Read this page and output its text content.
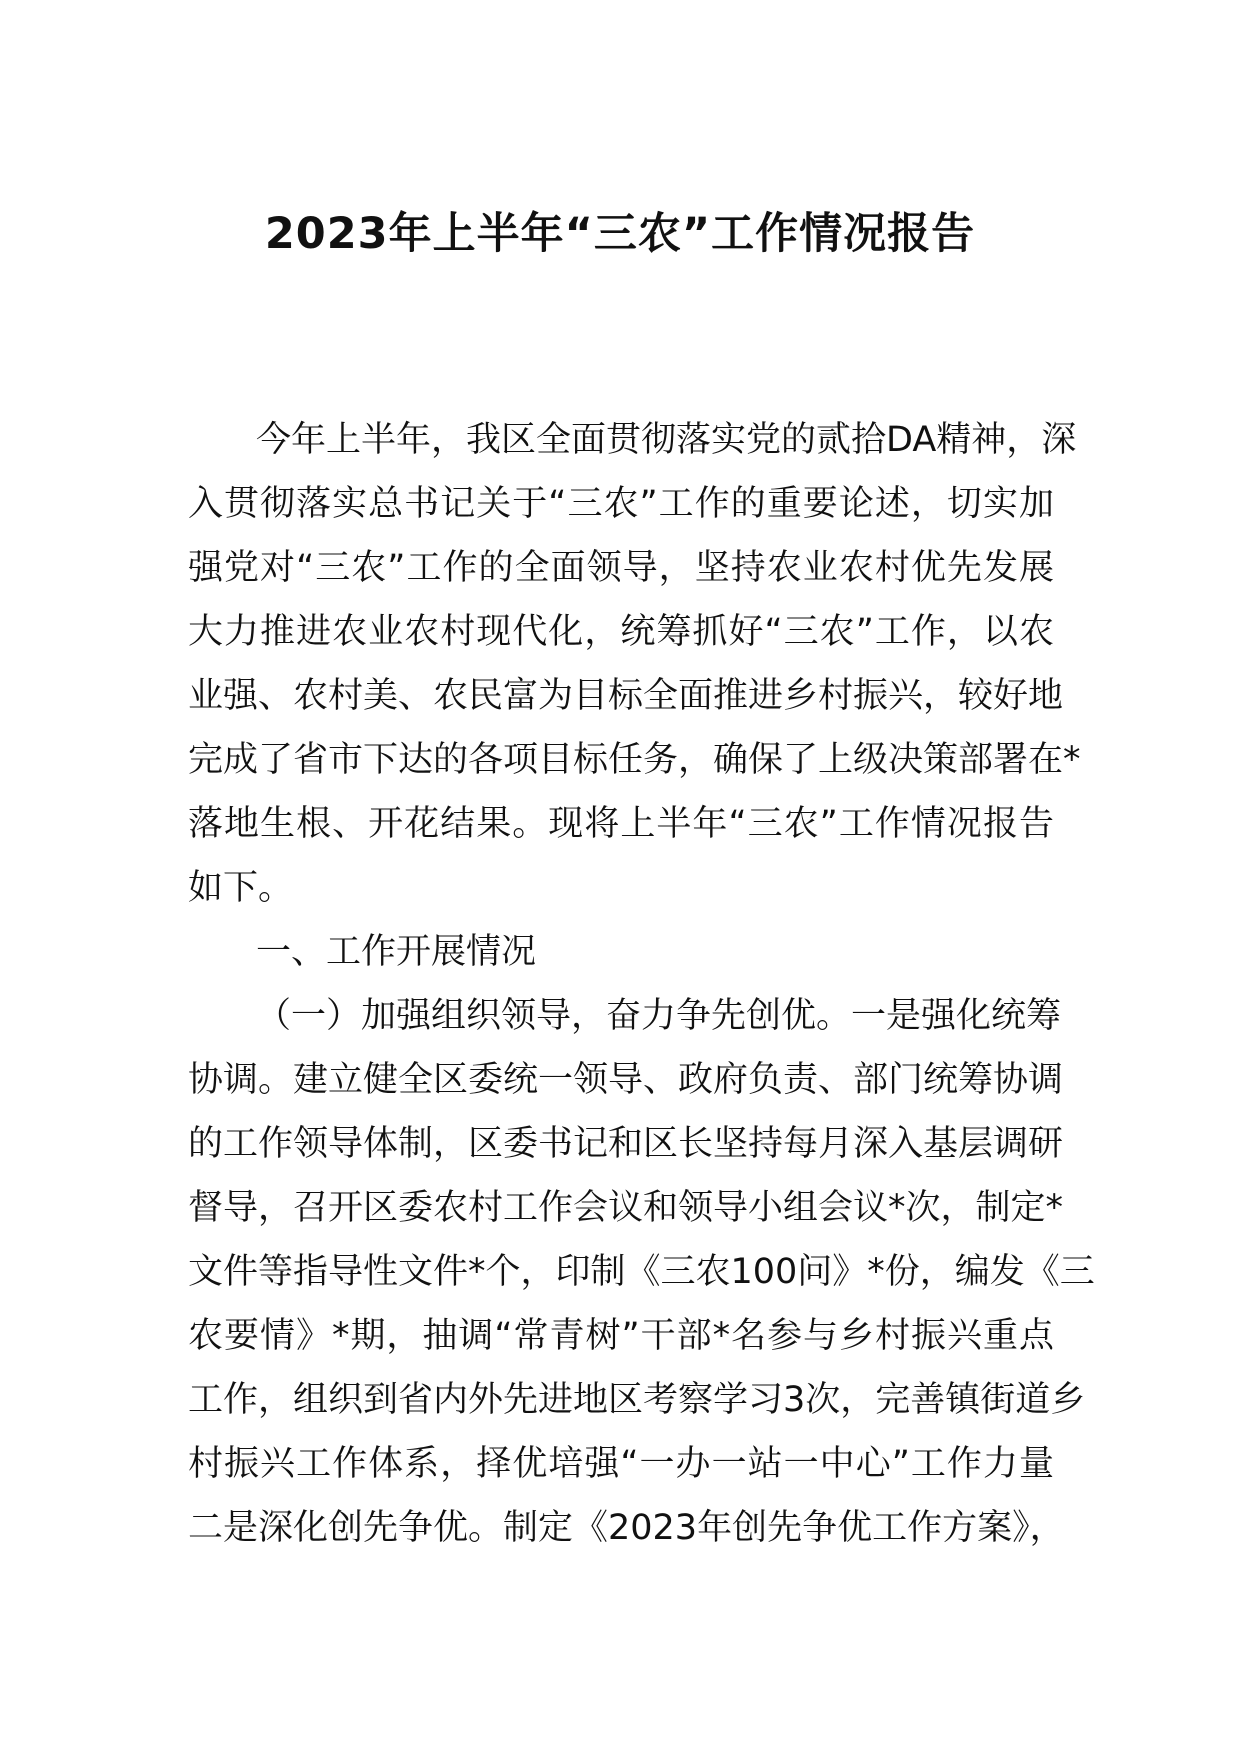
2023年上半年“三农”工作情况报告
今年上半年，我区全面贯彻落实党的贰拾DA精神，深
入贯彻落实总书记关于“三农”工作的重要论述，切实加
强党对“三农”工作的全面领导，坚持农业农村优先发展
大力推进农业农村现代化，统筹抓好“三农”工作，以农
业强、农村美、农民富为目标全面推进乡村振兴，较好地
完成了省市下达的各项目标任务，确保了上级决策部署在*
落地生根、开花结果。现将上半年“三农”工作情况报告
如下。
一、工作开展情况
（一）加强组织领导，奋力争先创优。一是强化统筹
协调。建立健全区委统一领导、政府负责、部门统筹协调
的工作领导体制，区委书记和区长坚持每月深入基层调研
督导，召开区委农村工作会议和领导小组会议*次，制定*
文件等指导性文件*个，印制《三农100问》*份，编发《三
农要情》*期，抽调“常青树”干部*名参与乡村振兴重点
工作，组织到省内外先进地区考察学习3次，完善镇街道乡
村振兴工作体系，择优培强“一办一站一中心”工作力量
二是深化创先争优。制定《2023年创先争优工作方案》，
